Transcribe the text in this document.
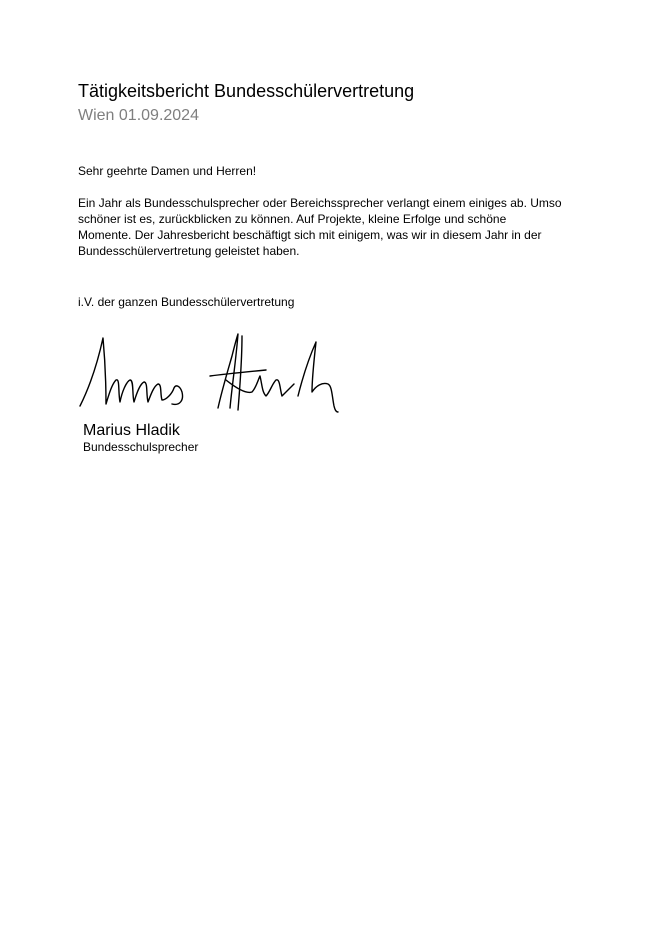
Tätigkeitsbericht Bundesschülervertretung
Wien 01.09.2024
Sehr geehrte Damen und Herren!
Ein Jahr als Bundesschulsprecher oder Bereichssprecher verlangt einem einiges ab. Umso
schöner ist es, zurückblicken zu können. Auf Projekte, kleine Erfolge und schöne
Momente. Der Jahresbericht beschäftigt sich mit einigem, was wir in diesem Jahr in der
Bundesschülervertretung geleistet haben.
i.V. der ganzen Bundesschülervertretung
Marius Hladik
Bundesschulsprecher
